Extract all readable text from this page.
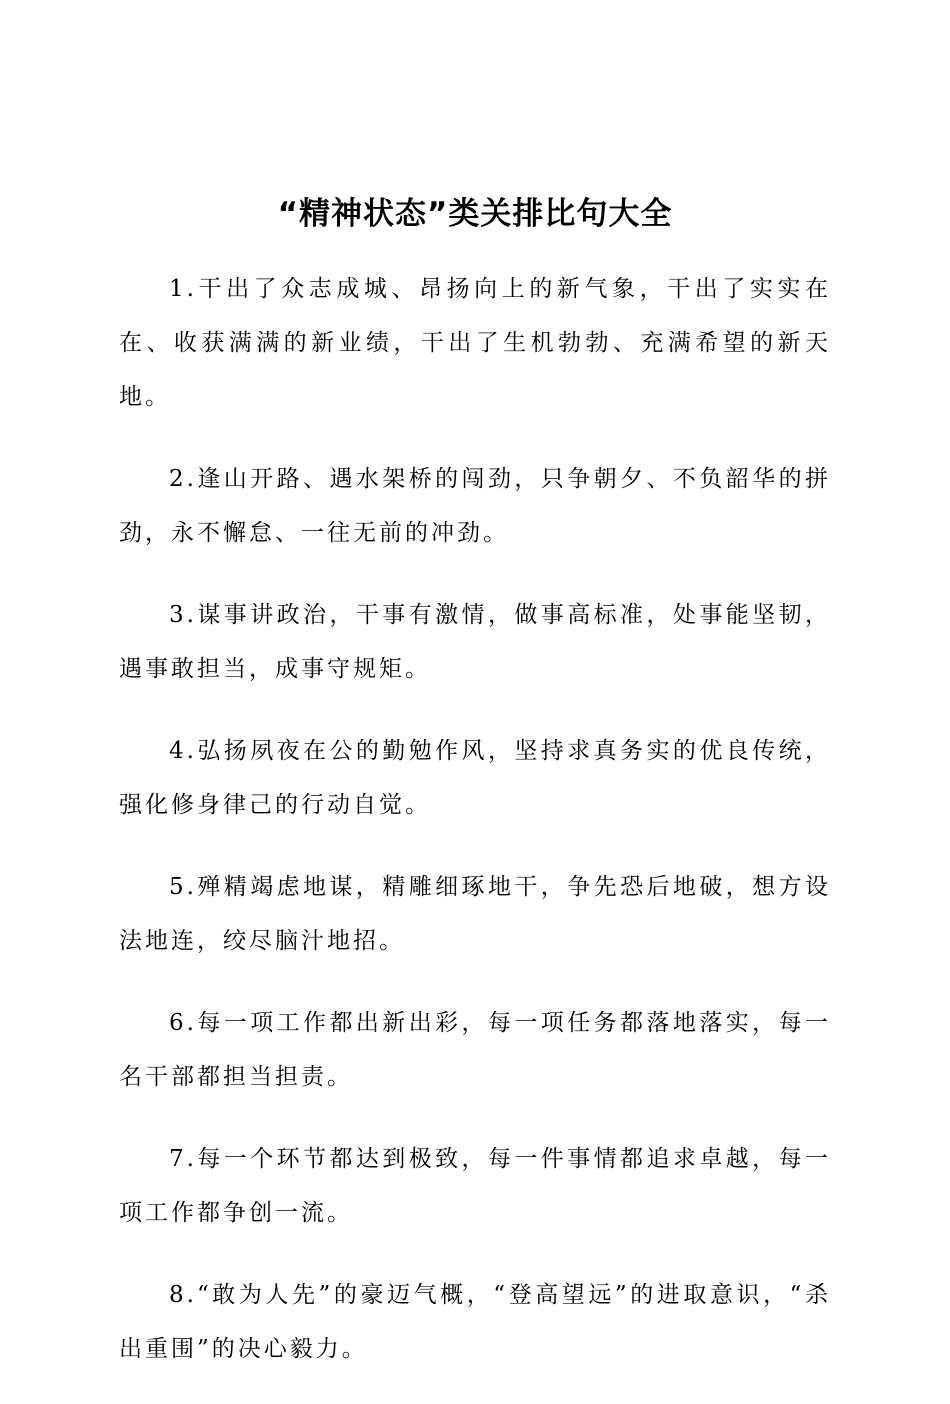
“精神状态”类关排比句大全

1.干出了众志成城、昂扬向上的新气象，干出了实实在在、收获满满的新业绩，干出了生机勃勃、充满希望的新天地。

2.逢山开路、遇水架桥的闯劲，只争朝夕、不负韶华的拼劲，永不懈怠、一往无前的冲劲。

3.谋事讲政治，干事有激情，做事高标准，处事能坚韧，遇事敢担当，成事守规矩。

4.弘扬夙夜在公的勤勉作风，坚持求真务实的优良传统，强化修身律己的行动自觉。

5.殚精竭虑地谋，精雕细琢地干，争先恐后地破，想方设法地连，绞尽脑汁地招。

6.每一项工作都出新出彩，每一项任务都落地落实，每一名干部都担当担责。

7.每一个环节都达到极致，每一件事情都追求卓越，每一项工作都争创一流。

8.“敢为人先”的豪迈气概，“登高望远”的进取意识，“杀出重围”的决心毅力。
